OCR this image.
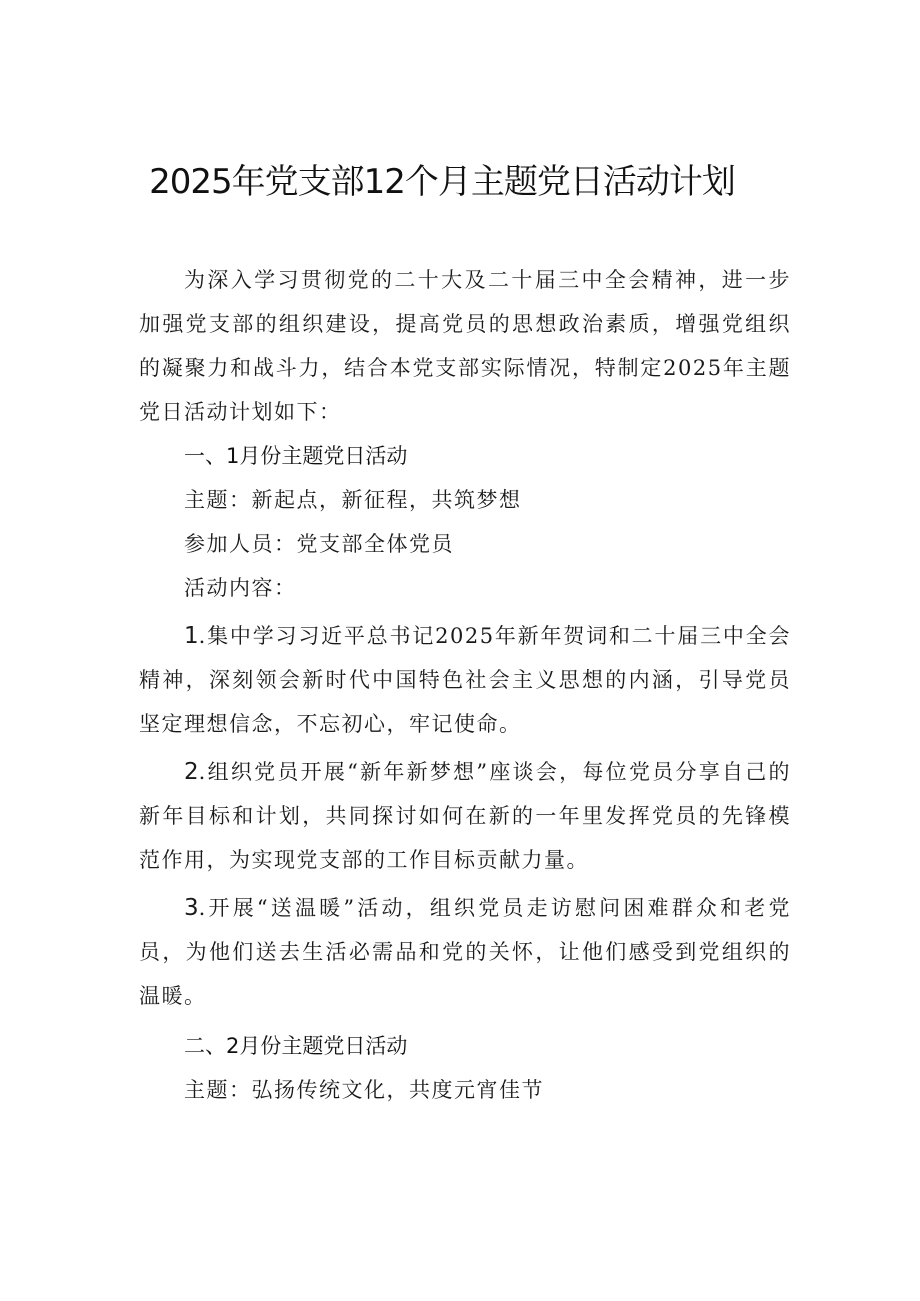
2025年党支部12个月主题党日活动计划

为深入学习贯彻党的二十大及二十届三中全会精神，进一步加强党支部的组织建设，提高党员的思想政治素质，增强党组织的凝聚力和战斗力，结合本党支部实际情况，特制定2025年主题党日活动计划如下：

一、1月份主题党日活动

主题：新起点，新征程，共筑梦想

参加人员：党支部全体党员

活动内容：

1.集中学习习近平总书记2025年新年贺词和二十届三中全会精神，深刻领会新时代中国特色社会主义思想的内涵，引导党员坚定理想信念，不忘初心，牢记使命。

2.组织党员开展“新年新梦想”座谈会，每位党员分享自己的新年目标和计划，共同探讨如何在新的一年里发挥党员的先锋模范作用，为实现党支部的工作目标贡献力量。

3.开展“送温暖”活动，组织党员走访慰问困难群众和老党员，为他们送去生活必需品和党的关怀，让他们感受到党组织的温暖。

二、2月份主题党日活动

主题：弘扬传统文化，共度元宵佳节
